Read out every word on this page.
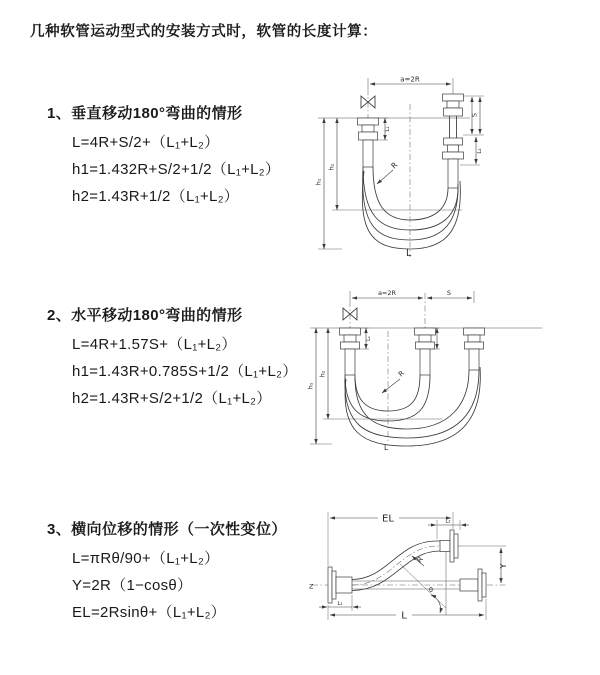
几种软管运动型式的安装方式时，软管的长度计算：
1、垂直移动180°弯曲的情形
L=4R+S/2+（L₁+L₂）
h1=1.432R+S/2+1/2（L₁+L₂）
h2=1.43R+1/2（L₁+L₂）
2、水平移动180°弯曲的情形
L=4R+1.57S+（L₁+L₂）
h1=1.43R+0.785S+1/2（L₁+L₂）
h2=1.43R+S/2+1/2（L₁+L₂）
3、横向位移的情形（一次性变位）
L=πRθ/90+（L₁+L₂）
Y=2R（1−cosθ）
EL=2Rsinθ+（L₁+L₂）
a=2R
S
L₂
L₁
h₁
h₂	R
L
a=2R	S
L₁
h₁
h₂	R
L
Z
R
θ
EL	L₂
Y
L
L₁
